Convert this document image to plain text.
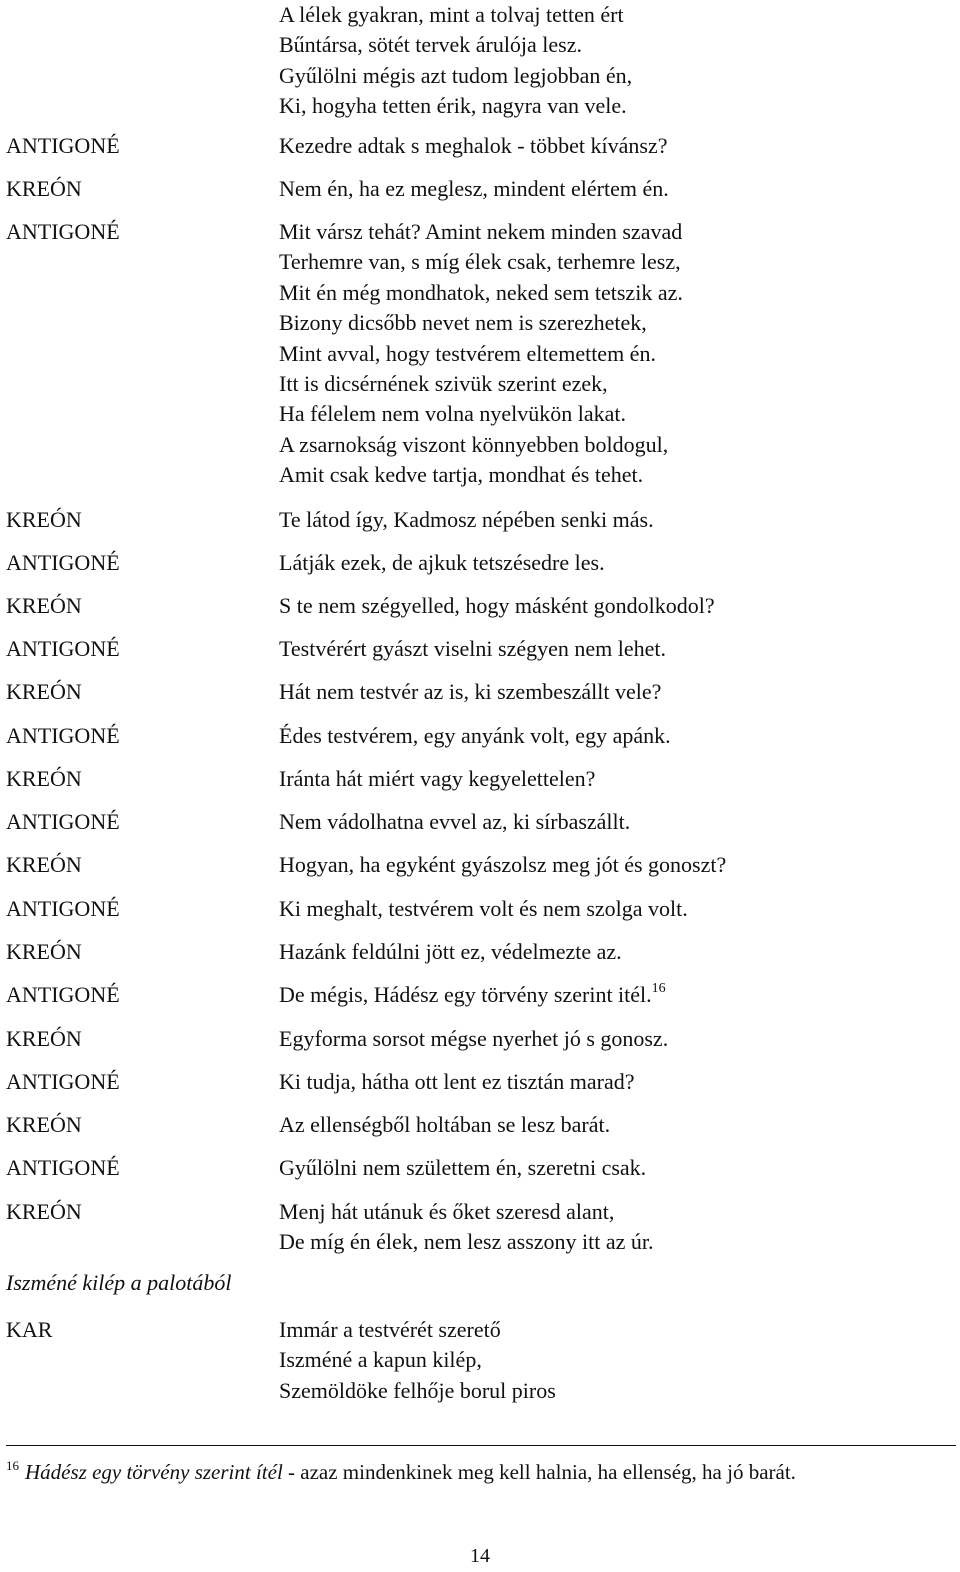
A lélek gyakran, mint a tolvaj tetten ért
Bűntársa, sötét tervek árulója lesz.
Gyűlölni mégis azt tudom legjobban én,
Ki, hogyha tetten érik, nagyra van vele.
ANTIGONÉ	Kezedre adtak s meghalok - többet kívánsz?
KREÓN	Nem én, ha ez meglesz, mindent elértem én.
ANTIGONÉ	Mit vársz tehát? Amint nekem minden szavad
Terhemre van, s míg élek csak, terhemre lesz,
Mit én még mondhatok, neked sem tetszik az.
Bizony dicsőbb nevet nem is szerezhetek,
Mint avval, hogy testvérem eltemettem én.
Itt is dicsérnének szivük szerint ezek,
Ha félelem nem volna nyelvükön lakat.
A zsarnokság viszont könnyebben boldogul,
Amit csak kedve tartja, mondhat és tehet.
KREÓN	Te látod így, Kadmosz népében senki más.
ANTIGONÉ	Látják ezek, de ajkuk tetszésedre les.
KREÓN	S te nem szégyelled, hogy másként gondolkodol?
ANTIGONÉ	Testvérért gyászt viselni szégyen nem lehet.
KREÓN	Hát nem testvér az is, ki szembeszállt vele?
ANTIGONÉ	Édes testvérem, egy anyánk volt, egy apánk.
KREÓN	Iránta hát miért vagy kegyelettelen?
ANTIGONÉ	Nem vádolhatna evvel az, ki sírbaszállt.
KREÓN	Hogyan, ha egyként gyászolsz meg jót és gonoszt?
ANTIGONÉ	Ki meghalt, testvérem volt és nem szolga volt.
KREÓN	Hazánk feldúlni jött ez, védelmezte az.
ANTIGONÉ	De mégis, Hádész egy törvény szerint itél.$^{16}$
KREÓN	Egyforma sorsot mégse nyerhet jó s gonosz.
ANTIGONÉ	Ki tudja, hátha ott lent ez tisztán marad?
KREÓN	Az ellenségből holtában se lesz barát.
ANTIGONÉ	Gyűlölni nem születtem én, szeretni csak.
KREÓN	Menj hát utánuk és őket szeresd alant,
De míg én élek, nem lesz asszony itt az úr.
Iszméné kilép a palotából
KAR	Immár a testvérét szerető
Iszméné a kapun kilép,
Szemöldöke felhője borul piros
$^{16}$ Hádész egy törvény szerint ítél - azaz mindenkinek meg kell halnia, ha ellenség, ha jó barát.
14
